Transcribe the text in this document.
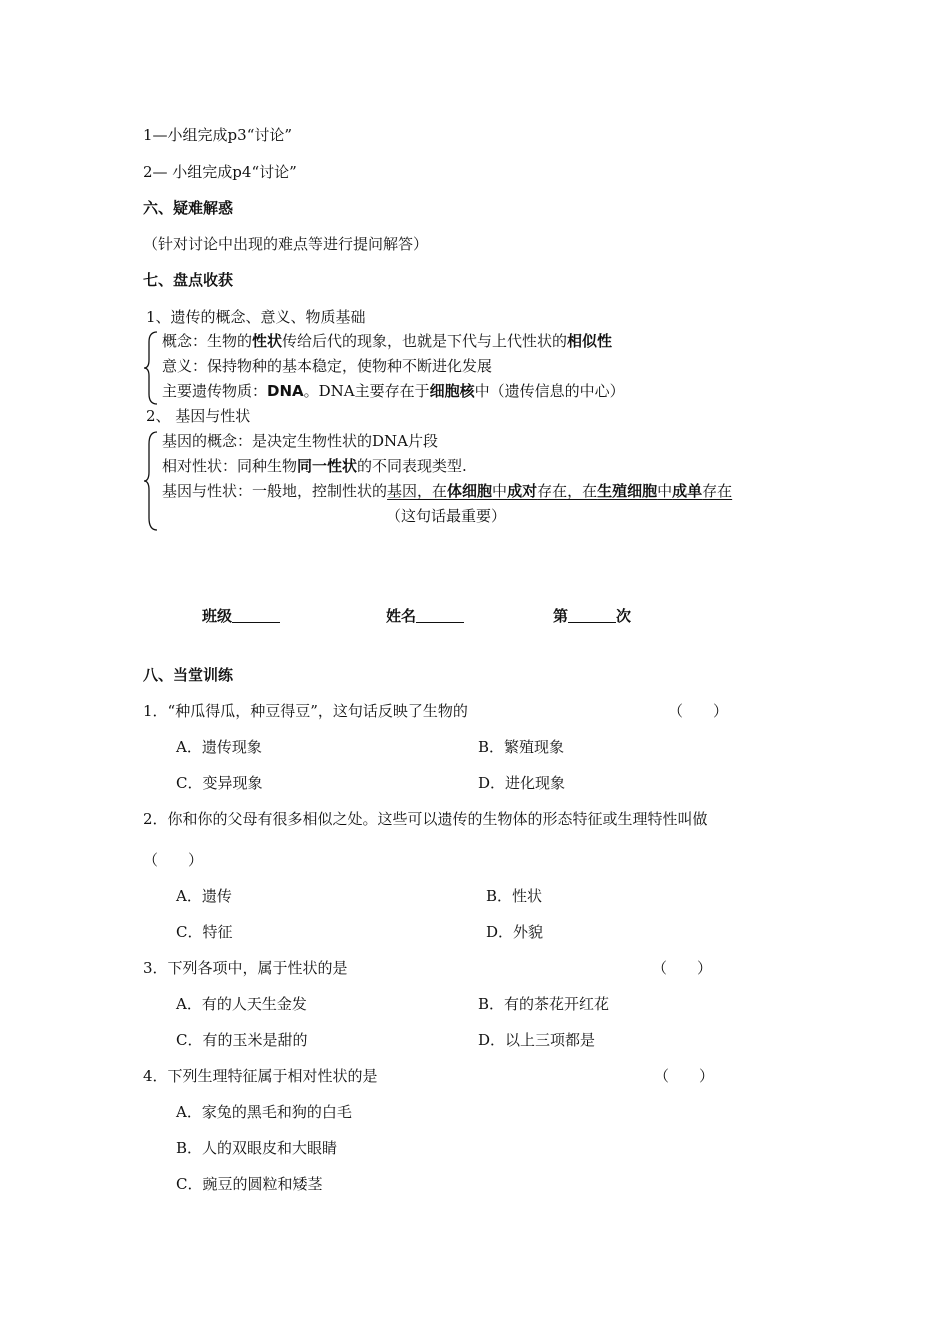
1—小组完成p3“讨论”
2— 小组完成p4“讨论”
六、疑难解惑
（针对讨论中出现的难点等进行提问解答）
七、盘点收获
1、遗传的概念、意义、物质基础
概念：生物的性状传给后代的现象，也就是下代与上代性状的相似性
意义：保持物种的基本稳定，使物种不断进化发展
主要遗传物质：DNA。DNA主要存在于细胞核中（遗传信息的中心）
2、 基因与性状
基因的概念：是决定生物性状的DNA片段
相对性状：同种生物同一性状的不同表现类型.
基因与性状：一般地，控制性状的基因，在体细胞中成对存在，在生殖细胞中成单存在
（这句话最重要）
班级	姓名	第	次
八、当堂训练
1．“种瓜得瓜，种豆得豆”，这句话反映了生物的	（　　）
A．遗传现象	B．繁殖现象
C．变异现象	D．进化现象
2．你和你的父母有很多相似之处。这些可以遗传的生物体的形态特征或生理特性叫做
（　　）
A．遗传	B．性状
C．特征	D．外貌
3．下列各项中，属于性状的是	（　　）
A．有的人天生金发	B．有的茶花开红花
C．有的玉米是甜的	D．以上三项都是
4．下列生理特征属于相对性状的是	（　　）
A．家兔的黑毛和狗的白毛
B．人的双眼皮和大眼睛
C．豌豆的圆粒和矮茎
